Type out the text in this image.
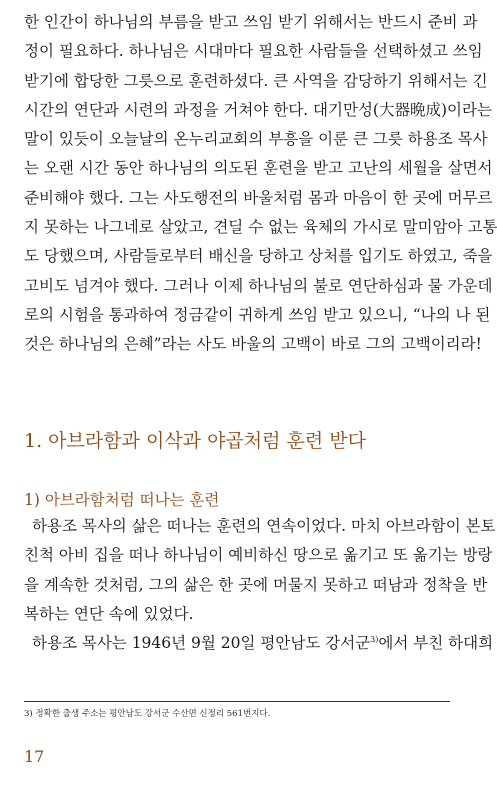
한 인간이 하나님의 부름을 받고 쓰임 받기 위해서는 반드시 준비 과
정이 필요하다. 하나님은 시대마다 필요한 사람들을 선택하셨고 쓰임
받기에 합당한 그릇으로 훈련하셨다. 큰 사역을 감당하기 위해서는 긴
시간의 연단과 시련의 과정을 거쳐야 한다. 대기만성(大器晩成)이라는
말이 있듯이 오늘날의 온누리교회의 부흥을 이룬 큰 그릇 하용조 목사
는 오랜 시간 동안 하나님의 의도된 훈련을 받고 고난의 세월을 살면서
준비해야 했다. 그는 사도행전의 바울처럼 몸과 마음이 한 곳에 머무르
지 못하는 나그네로 살았고, 견딜 수 없는 육체의 가시로 말미암아 고통
도 당했으며, 사람들로부터 배신을 당하고 상처를 입기도 하였고, 죽을
고비도 넘겨야 했다. 그러나 이제 하나님의 불로 연단하심과 물 가운데
로의 시험을 통과하여 정금같이 귀하게 쓰임 받고 있으니, “나의 나 된
것은 하나님의 은혜”라는 사도 바울의 고백이 바로 그의 고백이리라!
1. 아브라함과 이삭과 야곱처럼 훈련 받다
1) 아브라함처럼 떠나는 훈련
하용조 목사의 삶은 떠나는 훈련의 연속이었다. 마치 아브라함이 본토
친척 아비 집을 떠나 하나님이 예비하신 땅으로 옮기고 또 옮기는 방랑
을 계속한 것처럼, 그의 삶은 한 곳에 머물지 못하고 떠남과 정착을 반
복하는 연단 속에 있었다.
하용조 목사는 1946년 9월 20일 평안남도 강서군$^{3)}$에서 부친 하대희
3) 정확한 출생 주소는 평안남도 강서군 수산면 신정리 561번지다.
17
